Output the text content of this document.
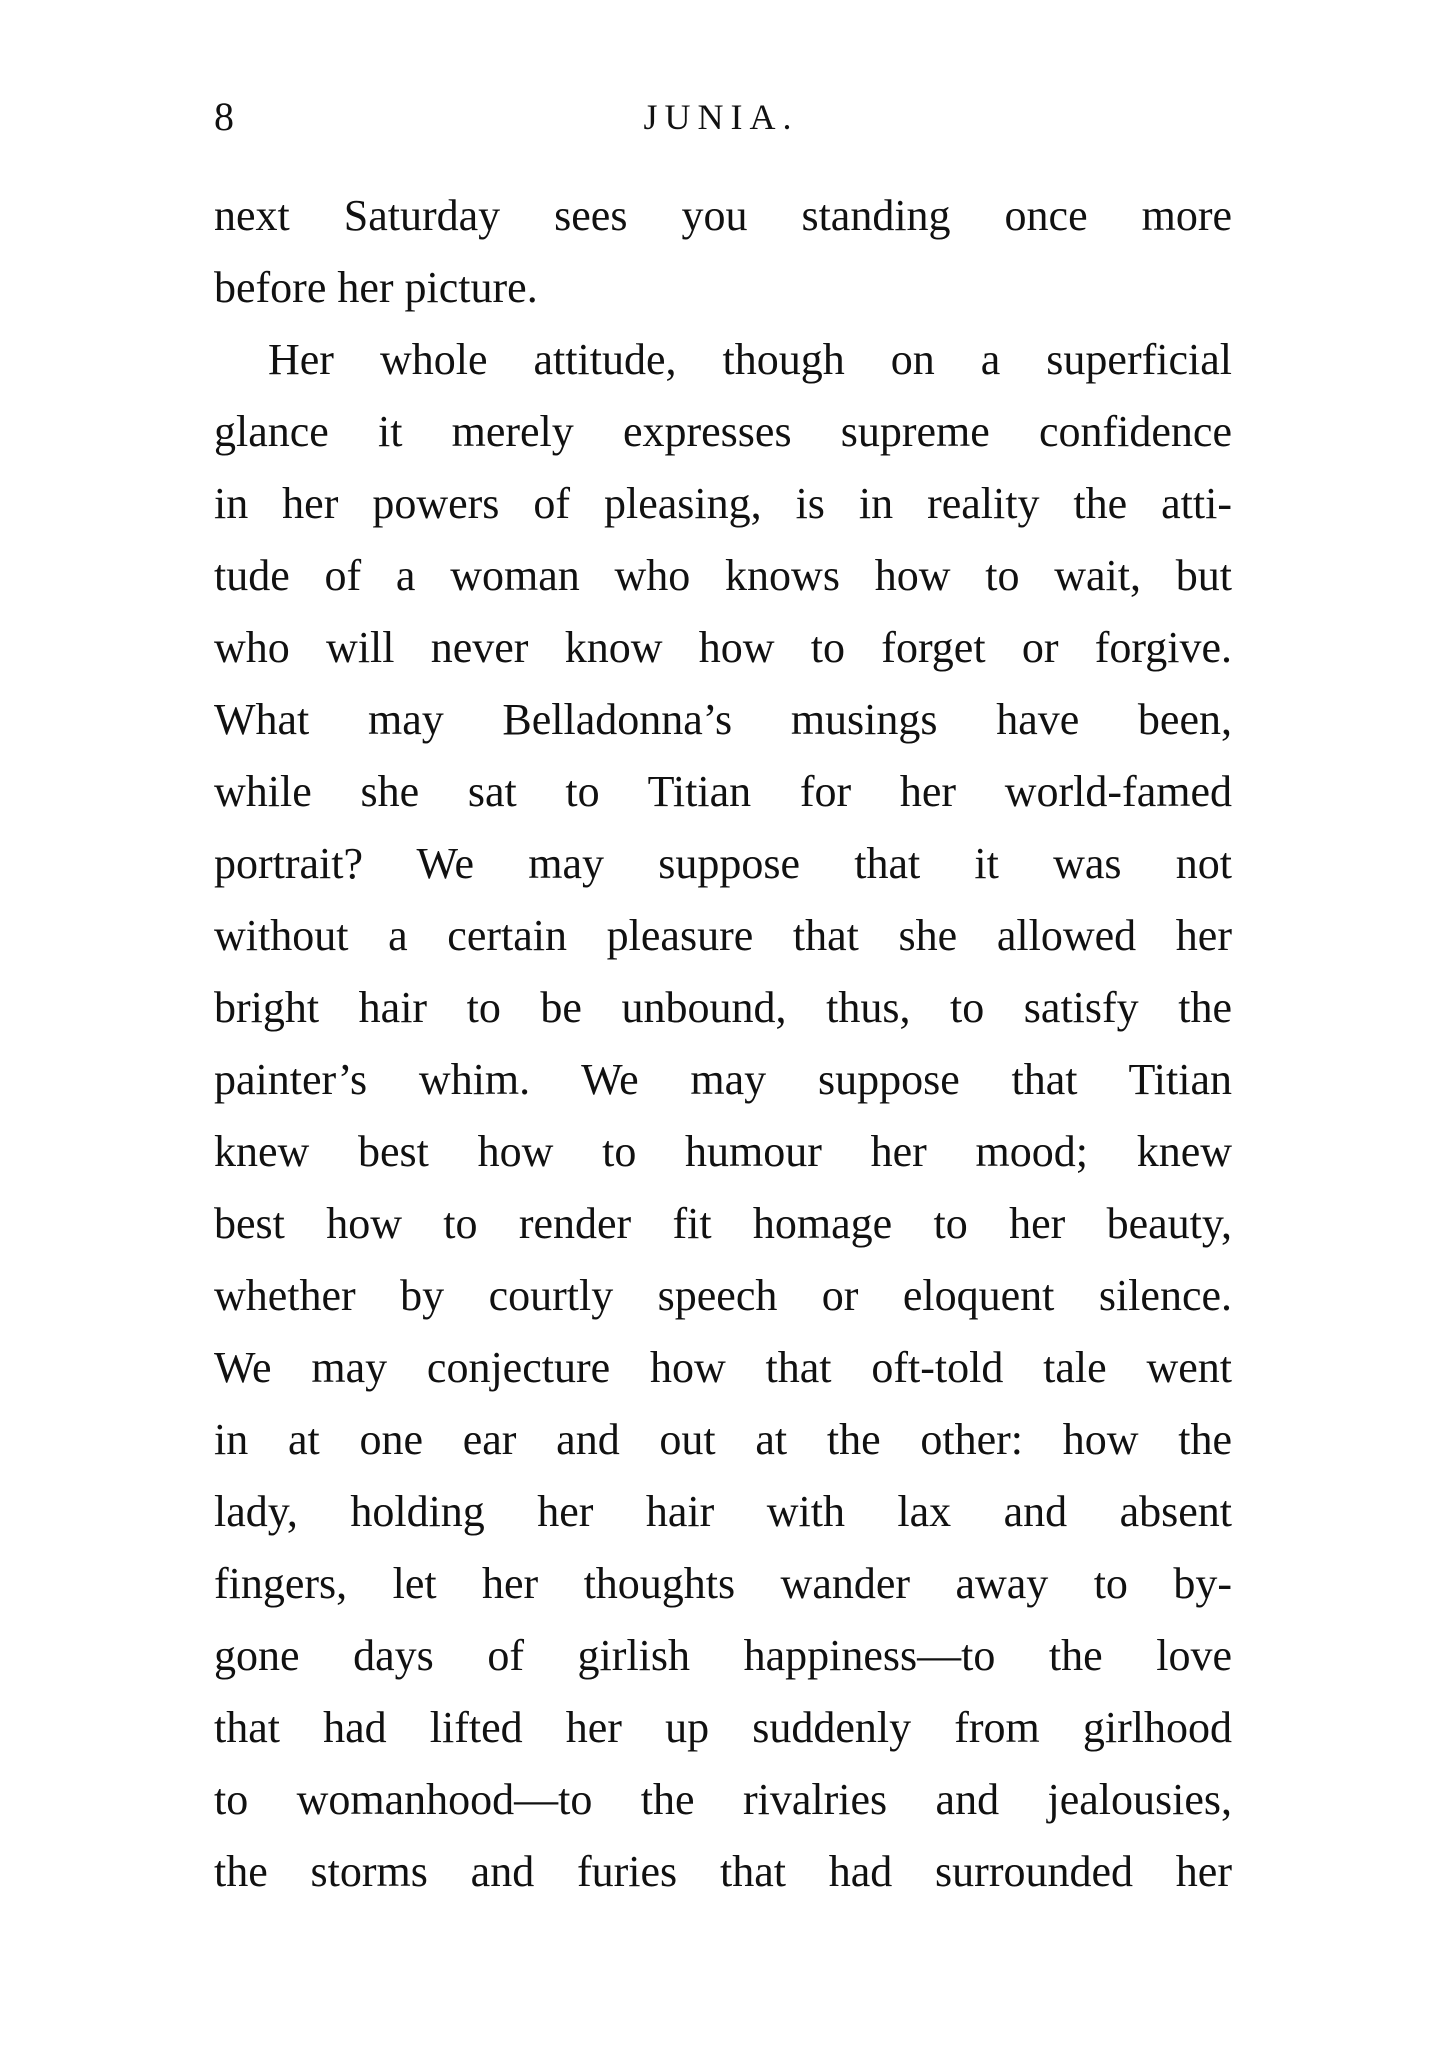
8	JUNIA.
next Saturday sees you standing once more
before her picture.
Her whole attitude, though on a superficial
glance it merely expresses supreme confidence
in her powers of pleasing, is in reality the atti-
tude of a woman who knows how to wait, but
who will never know how to forget or forgive.
What may Belladonna’s musings have been,
while she sat to Titian for her world-famed
portrait? We may suppose that it was not
without a certain pleasure that she allowed her
bright hair to be unbound, thus, to satisfy the
painter’s whim. We may suppose that Titian
knew best how to humour her mood; knew
best how to render fit homage to her beauty,
whether by courtly speech or eloquent silence.
We may conjecture how that oft-told tale went
in at one ear and out at the other: how the
lady, holding her hair with lax and absent
fingers, let her thoughts wander away to by-
gone days of girlish happiness—to the love
that had lifted her up suddenly from girlhood
to womanhood—to the rivalries and jealousies,
the storms and furies that had surrounded her
